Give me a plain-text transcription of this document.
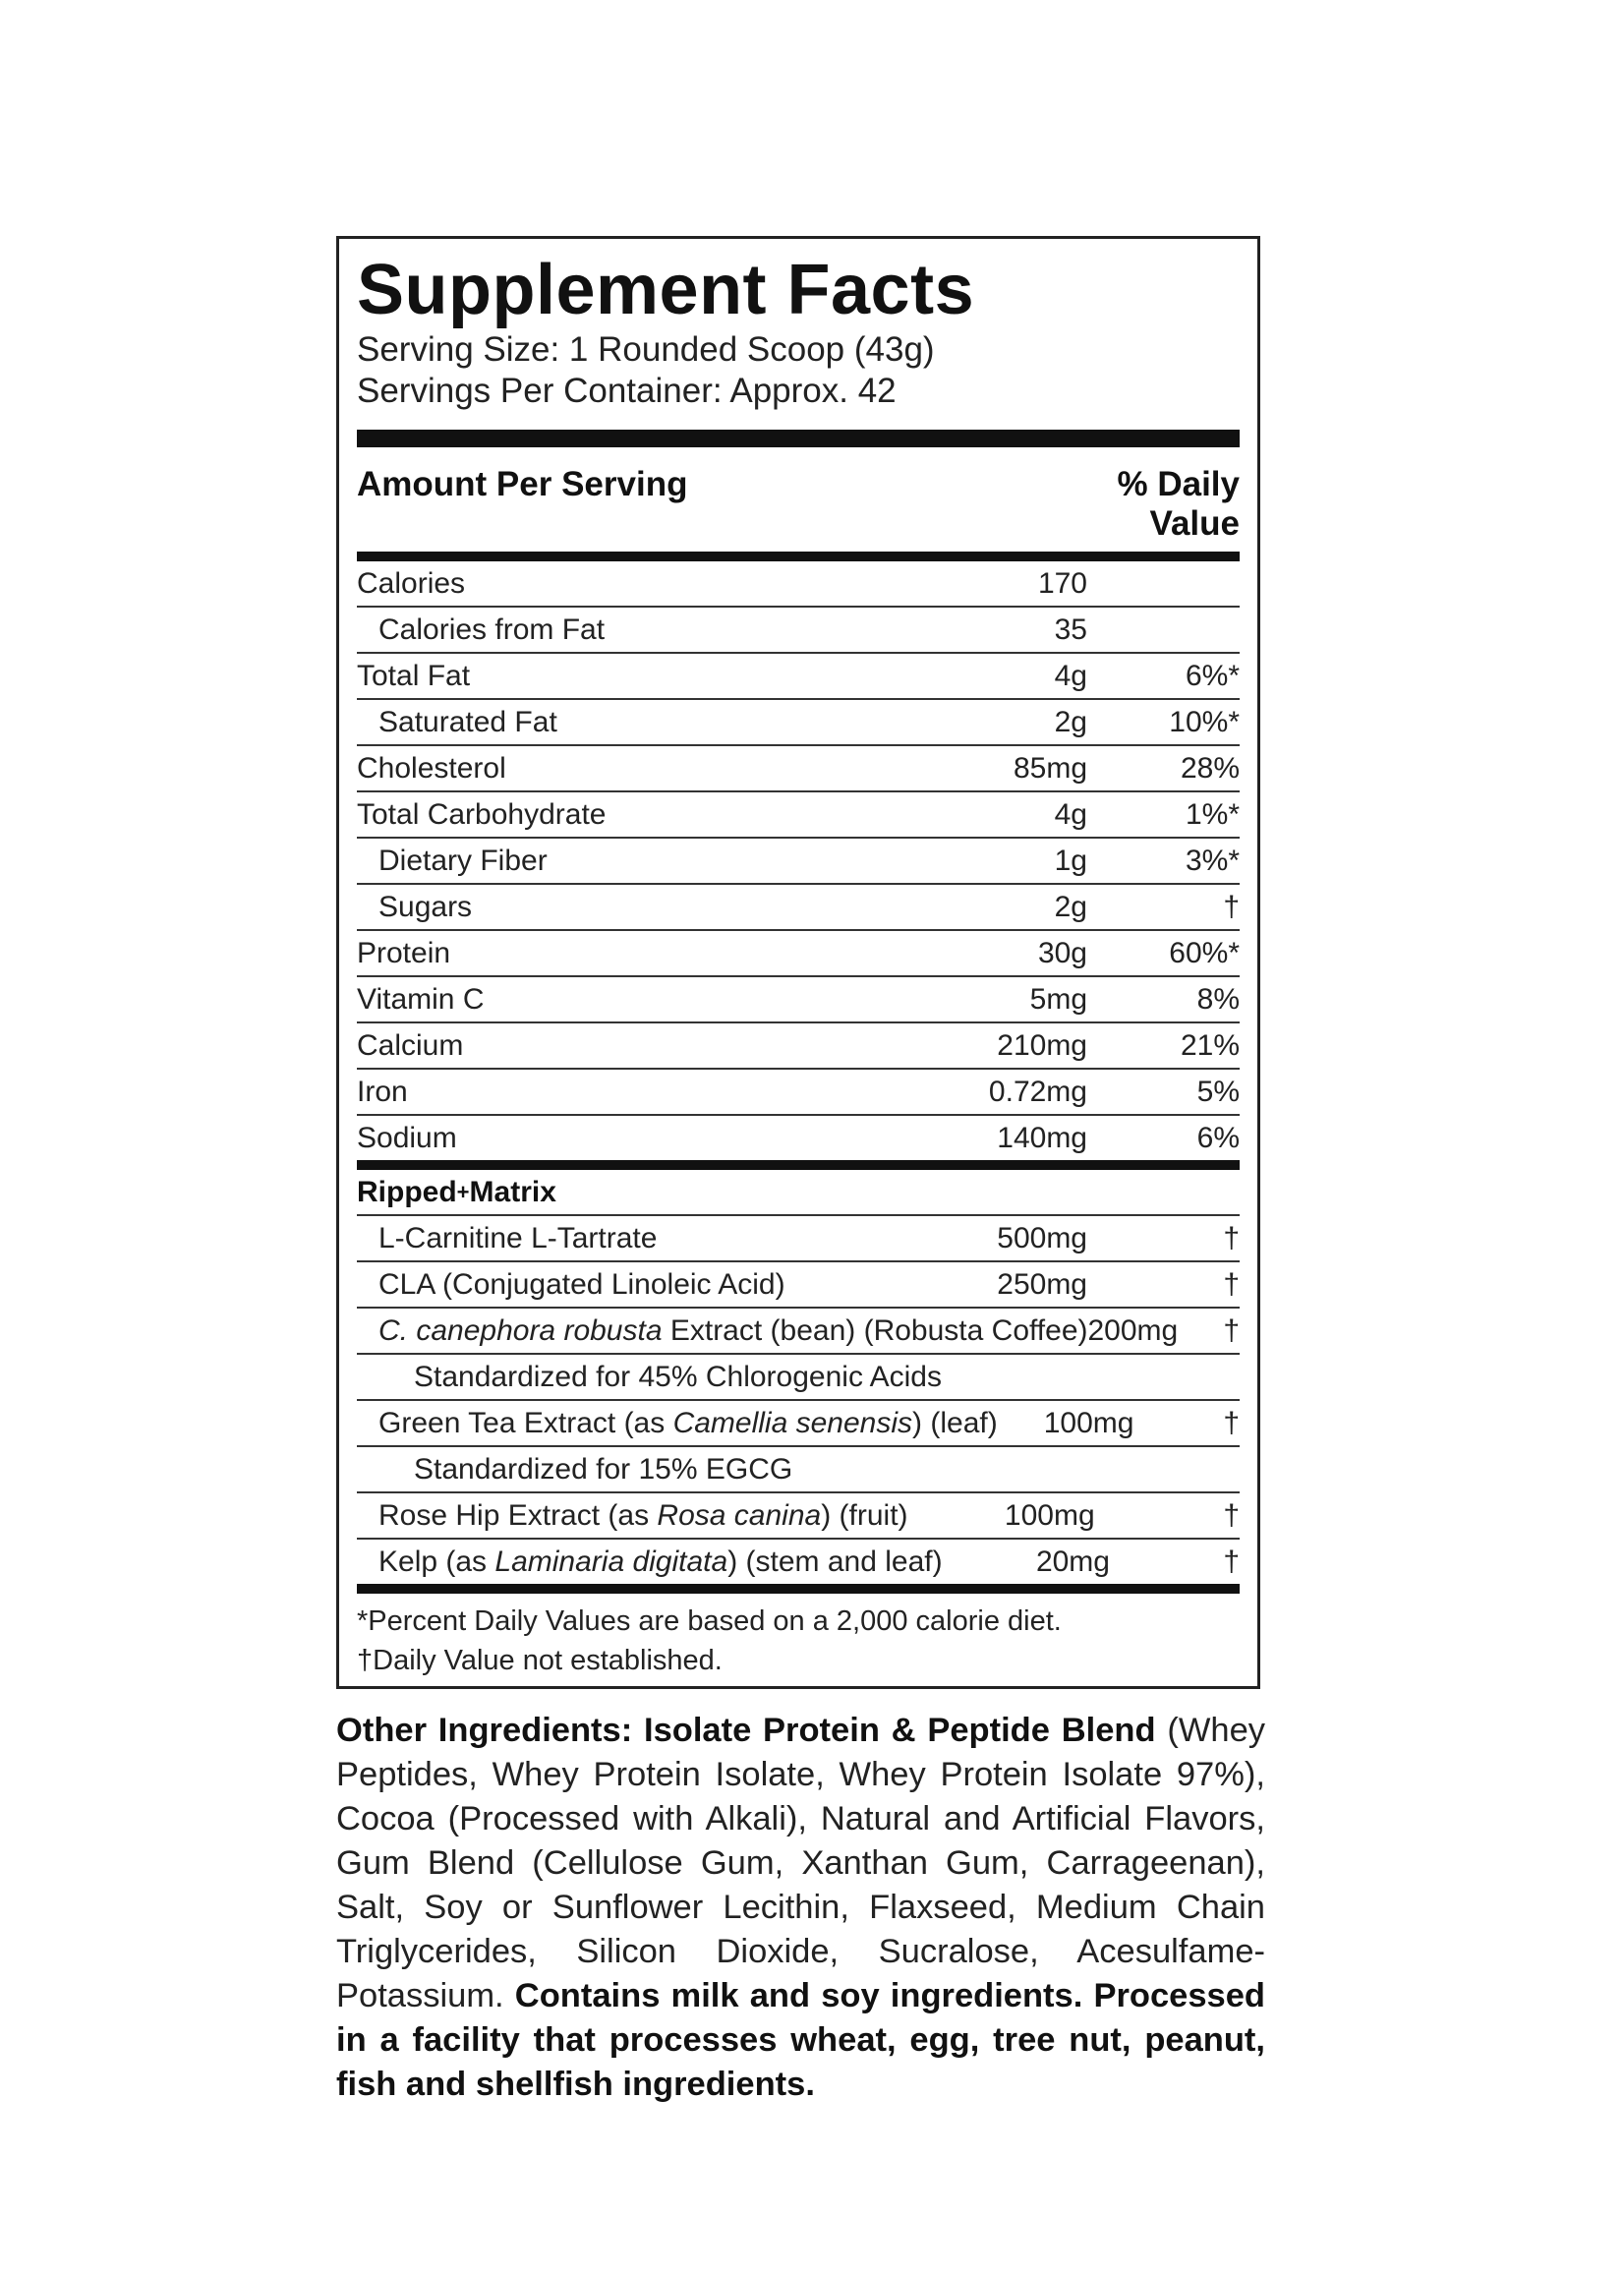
Supplement Facts
Serving Size: 1 Rounded Scoop (43g)
Servings Per Container: Approx. 42
Amount Per Serving	% Daily
Value
Calories	170
Calories from Fat	35
Total Fat	4g	6%*
Saturated Fat	2g	10%*
Cholesterol	85mg	28%
Total Carbohydrate	4g	1%*
Dietary Fiber	1g	3%*
Sugars	2g	†
Protein	30g	60%*
Vitamin C	5mg	8%
Calcium	210mg	21%
Iron	0.72mg	5%
Sodium	140mg	6%
Ripped + Matrix
L-Carnitine L-Tartrate	500mg	†
CLA (Conjugated Linoleic Acid)	250mg	†
C. canephora robusta Extract (bean) (Robusta Coffee) 200mg	†
Standardized for 45% Chlorogenic Acids
Green Tea Extract (as Camellia senensis) (leaf)	100mg	†
Standardized for 15% EGCG
Rose Hip Extract (as Rosa canina) (fruit)	100mg	†
Kelp (as Laminaria digitata) (stem and leaf)	20mg	†
*Percent Daily Values are based on a 2,000 calorie diet.
†Daily Value not established.
Other Ingredients: Isolate Protein & Peptide Blend (Whey Peptides, Whey Protein Isolate, Whey Protein Isolate 97%), Cocoa (Processed with Alkali), Natural and Artificial Flavors, Gum Blend (Cellulose Gum, Xanthan Gum, Carrageenan), Salt, Soy or Sunflower Lecithin, Flaxseed, Medium Chain Triglycerides, Silicon Dioxide, Sucralose, Acesulfame-Potassium. Contains milk and soy ingredients. Processed in a facility that processes wheat, egg, tree nut, peanut, fish and shellfish ingredients.
